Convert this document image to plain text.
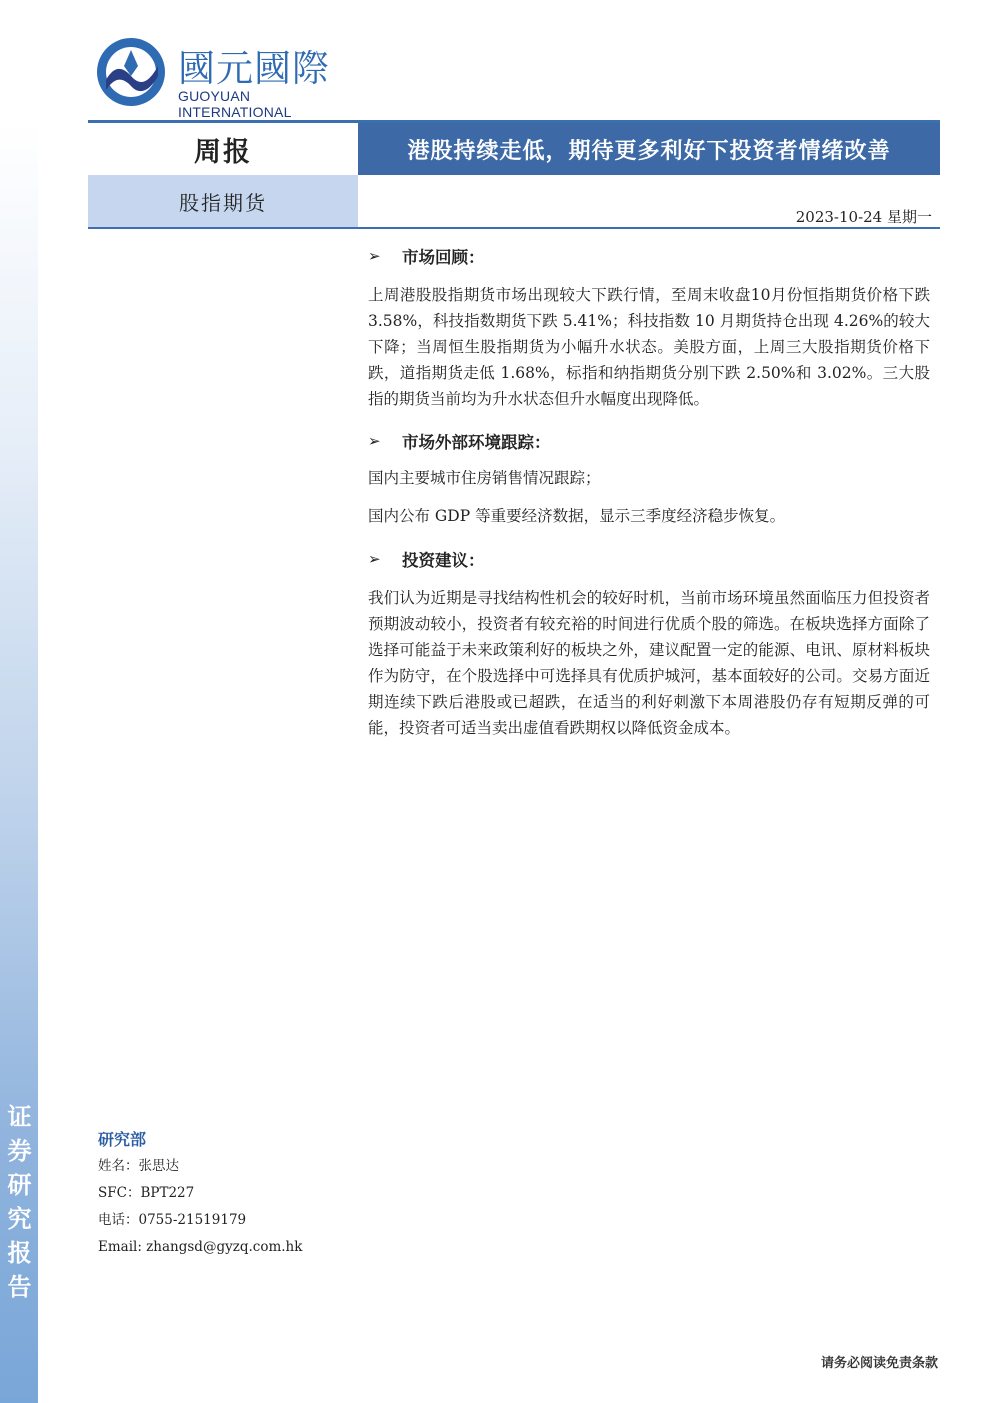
证券研究报告
國元國際
GUOYUAN INTERNATIONAL
周报	港股持续走低，期待更多利好下投资者情绪改善
股指期货
2023-10-24 星期一
➢	市场回顾：

上周港股股指期货市场出现较大下跌行情，至周末收盘10月份恒指期货价格下跌 3.58%，科技指数期货下跌 5.41%；科技指数 10 月期货持仓出现 4.26%的较大下降；当周恒生股指期货为小幅升水状态。美股方面，上周三大股指期货价格下跌，道指期货走低 1.68%，标指和纳指期货分别下跌 2.50%和 3.02%。三大股指的期货当前均为升水状态但升水幅度出现降低。

➢	市场外部环境跟踪：

国内主要城市住房销售情况跟踪；

国内公布 GDP 等重要经济数据，显示三季度经济稳步恢复。

➢	投资建议：

我们认为近期是寻找结构性机会的较好时机，当前市场环境虽然面临压力但投资者预期波动较小，投资者有较充裕的时间进行优质个股的筛选。在板块选择方面除了选择可能益于未来政策利好的板块之外，建议配置一定的能源、电讯、原材料板块作为防守，在个股选择中可选择具有优质护城河，基本面较好的公司。交易方面近期连续下跌后港股或已超跌，在适当的利好刺激下本周港股仍存有短期反弹的可能，投资者可适当卖出虚值看跌期权以降低资金成本。

研究部
姓名：张思达
SFC：BPT227
电话：0755-21519179
Email: zhangsd@gyzq.com.hk
请务必阅读免责条款
